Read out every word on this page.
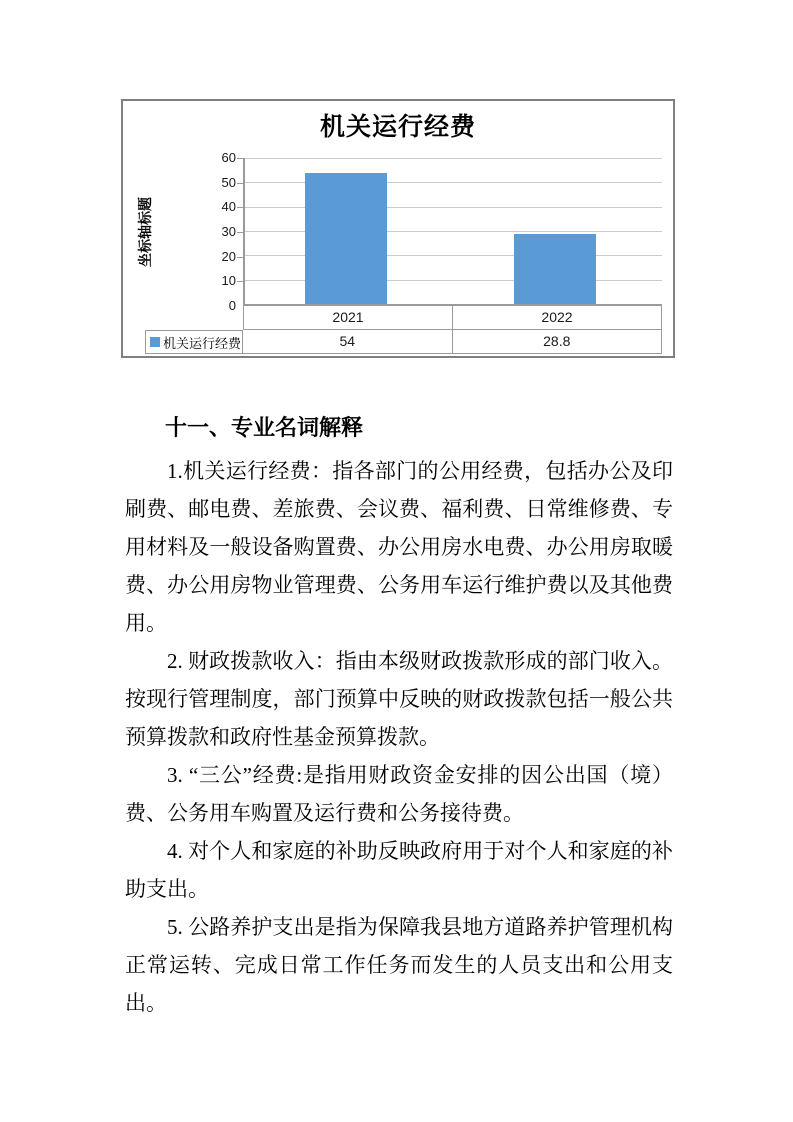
机关运行经费
坐标轴标题
60
50
40
30
20
10
0
2021	2022
机关运行经费	54	28.8
十一、专业名词解释

1.机关运行经费：指各部门的公用经费，包括办公及印刷费、邮电费、差旅费、会议费、福利费、日常维修费、专用材料及一般设备购置费、办公用房水电费、办公用房取暖费、办公用房物业管理费、公务用车运行维护费以及其他费用。

2. 财政拨款收入：指由本级财政拨款形成的部门收入。按现行管理制度，部门预算中反映的财政拨款包括一般公共预算拨款和政府性基金预算拨款。

3. “三公”经费:是指用财政资金安排的因公出国（境）费、公务用车购置及运行费和公务接待费。

4. 对个人和家庭的补助反映政府用于对个人和家庭的补助支出。

5. 公路养护支出是指为保障我县地方道路养护管理机构正常运转、完成日常工作任务而发生的人员支出和公用支出。
